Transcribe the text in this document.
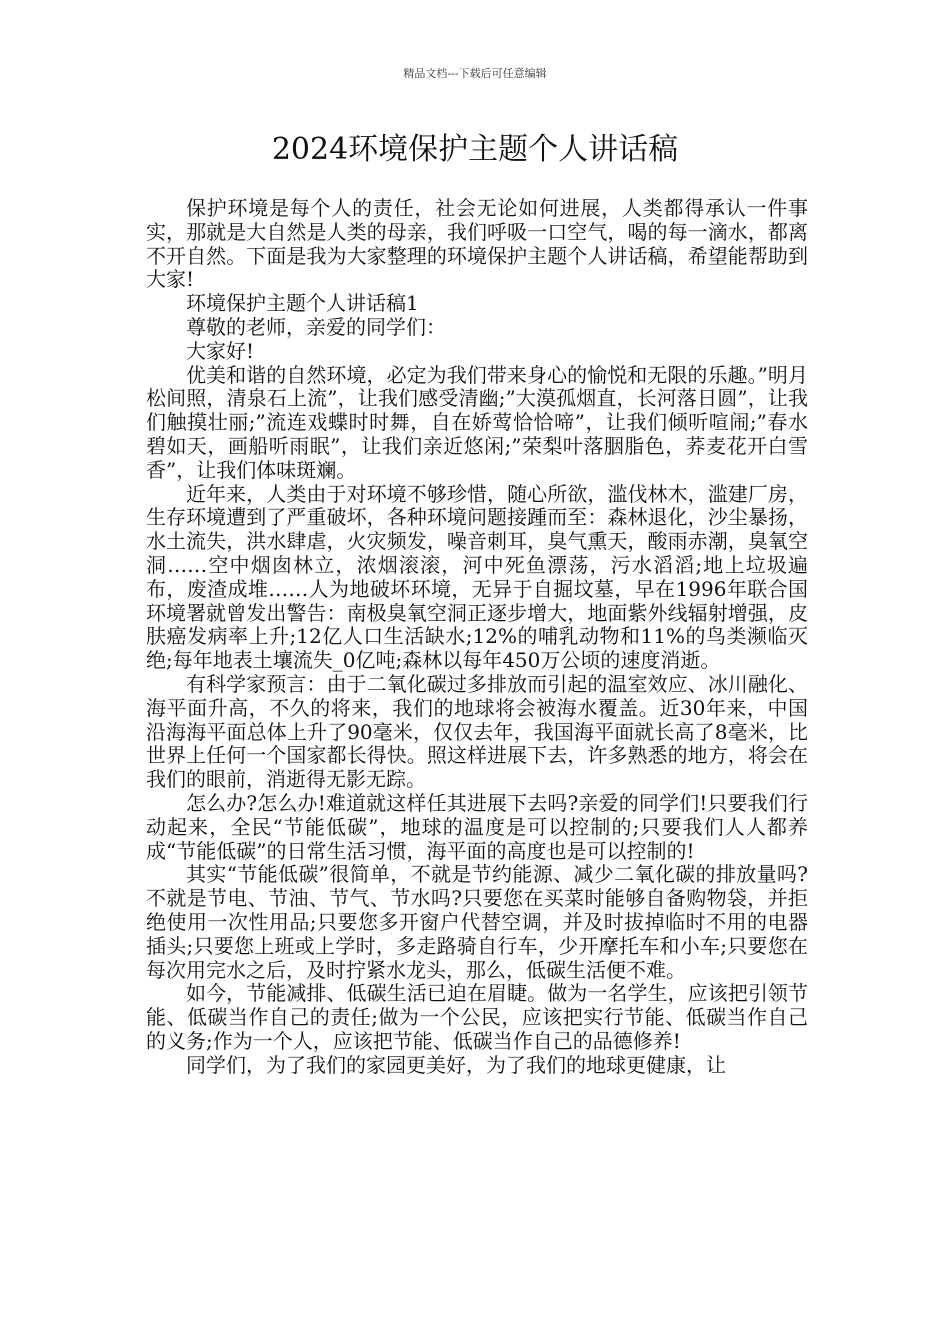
精品文档---下载后可任意编辑
2024环境保护主题个人讲话稿

保护环境是每个人的责任，社会无论如何进展，人类都得承认一件事实，那就是大自然是人类的母亲，我们呼吸一口空气，喝的每一滴水，都离不开自然。下面是我为大家整理的环境保护主题个人讲话稿，希望能帮助到大家!

环境保护主题个人讲话稿1

尊敬的老师，亲爱的同学们：

大家好!

优美和谐的自然环境，必定为我们带来身心的愉悦和无限的乐趣。”明月松间照，清泉石上流”，让我们感受清幽;”大漠孤烟直，长河落日圆”，让我们触摸壮丽;”流连戏蝶时时舞，自在娇莺恰恰啼”，让我们倾听喧闹;”春水碧如天，画船听雨眠”，让我们亲近悠闲;”荣梨叶落胭脂色，荞麦花开白雪香”，让我们体味斑斓。

近年来，人类由于对环境不够珍惜，随心所欲，滥伐林木，滥建厂房，生存环境遭到了严重破坏，各种环境问题接踵而至：森林退化，沙尘暴扬，水土流失，洪水肆虐，火灾频发，噪音刺耳，臭气熏天，酸雨赤潮，臭氧空洞……空中烟囱林立，浓烟滚滚，河中死鱼漂荡，污水滔滔;地上垃圾遍布，废渣成堆……人为地破坏环境，无异于自掘坟墓，早在1996年联合国环境署就曾发出警告：南极臭氧空洞正逐步增大，地面紫外线辐射增强，皮肤癌发病率上升;12亿人口生活缺水;12%的哺乳动物和11%的鸟类濒临灭绝;每年地表土壤流失_0亿吨;森林以每年450万公顷的速度消逝。

有科学家预言：由于二氧化碳过多排放而引起的温室效应、冰川融化、海平面升高，不久的将来，我们的地球将会被海水覆盖。近30年来，中国沿海海平面总体上升了90毫米，仅仅去年，我国海平面就长高了8毫米，比世界上任何一个国家都长得快。照这样进展下去，许多熟悉的地方，将会在我们的眼前，消逝得无影无踪。

怎么办?怎么办!难道就这样任其进展下去吗?亲爱的同学们!只要我们行动起来，全民“节能低碳”，地球的温度是可以控制的;只要我们人人都养成“节能低碳”的日常生活习惯，海平面的高度也是可以控制的!

其实“节能低碳”很简单，不就是节约能源、减少二氧化碳的排放量吗?不就是节电、节油、节气、节水吗?只要您在买菜时能够自备购物袋，并拒绝使用一次性用品;只要您多开窗户代替空调，并及时拔掉临时不用的电器插头;只要您上班或上学时，多走路骑自行车，少开摩托车和小车;只要您在每次用完水之后，及时拧紧水龙头，那么，低碳生活便不难。

如今，节能减排、低碳生活已迫在眉睫。做为一名学生，应该把引领节能、低碳当作自己的责任;做为一个公民，应该把实行节能、低碳当作自己的义务;作为一个人，应该把节能、低碳当作自己的品德修养!

同学们，为了我们的家园更美好，为了我们的地球更健康，让
